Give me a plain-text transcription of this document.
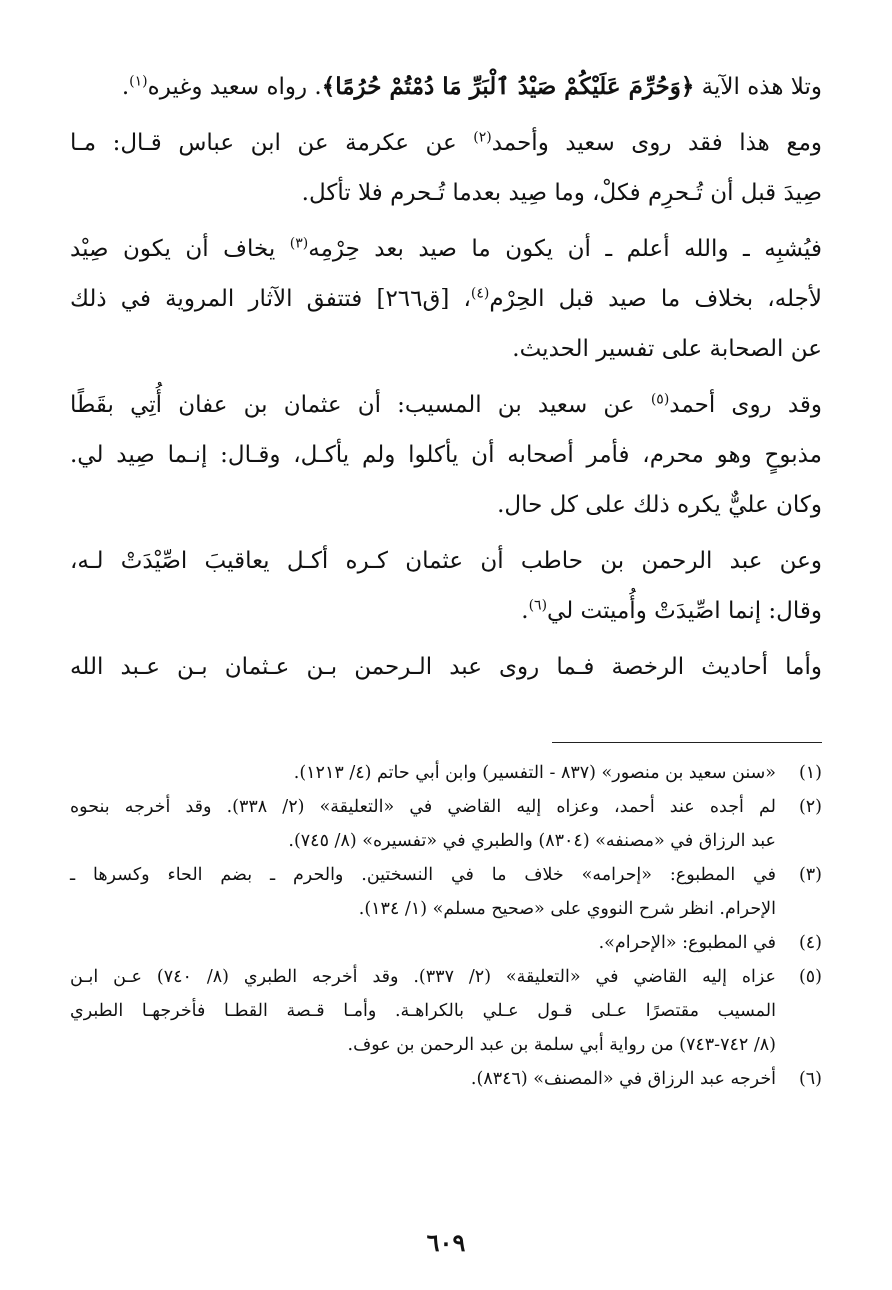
وتلا هذه الآية ﴿وَحُرِّمَ عَلَيْكُمْ صَيْدُ ٱلْبَرِّ مَا دُمْتُمْ حُرُمًا﴾. رواه سعيد وغيره$^{(١)}$.

ومع هذا فقد روى سعيد وأحمد$^{(٢)}$ عن عكرمة عن ابن عباس قـال: مـا
صِيدَ قبل أن تُـحرِم فكلْ، وما صِيد بعدما تُـحرم فلا تأكل.

فيُشبِه ـ والله أعلم ـ أن يكون ما صيد بعد حِرْمِه$^{(٣)}$ يخاف أن يكون صِيْد
لأجله، بخلاف ما صيد قبل الحِرْم$^{(٤)}$، [ق٢٦٦] فتتفق الآثار المروية في ذلك
عن الصحابة على تفسير الحديث.

وقد روى أحمد$^{(٥)}$ عن سعيد بن المسيب: أن عثمان بن عفان أُتِي بقَطًا
مذبوحٍ وهو محرم، فأمر أصحابه أن يأكلوا ولم يأكـل، وقـال: إنـما صِيد لي.
وكان عليٌّ يكره ذلك على كل حال.

وعن عبد الرحمن بن حاطب أن عثمان كـره أكـل يعاقيبَ اصِّيْدَتْ لـه،
وقال: إنما اصِّيدَتْ وأُميتت لي$^{(٦)}$.

وأما أحاديث الرخصة فـما روى عبد الـرحمن بـن عـثمان بـن عـبد الله

(١)
«سنن سعيد بن منصور» (٨٣٧ - التفسير) وابن أبي حاتم (٤/ ١٢١٣).
(٢)
لم أجده عند أحمد، وعزاه إليه القاضي في «التعليقة» (٢/ ٣٣٨). وقد أخرجه بنحوه
عبد الرزاق في «مصنفه» (٨٣٠٤) والطبري في «تفسيره» (٨/ ٧٤٥).
(٣)
في المطبوع: «إحرامه» خلاف ما في النسختين. والحرم ـ بضم الحاء وكسرها ـ
الإحرام. انظر شرح النووي على «صحيح مسلم» (١/ ١٣٤).
(٤)
في المطبوع: «الإحرام».
(٥)
عزاه إليه القاضي في «التعليقة» (٢/ ٣٣٧). وقد أخرجه الطبري (٨/ ٧٤٠) عـن ابـن
المسيب مقتصرًا عـلى قـول عـلي بالكراهـة. وأمـا قـصة القطـا فأخرجهـا الطبري
(٨/ ٧٤٢-٧٤٣) من رواية أبي سلمة بن عبد الرحمن بن عوف.
(٦)
أخرجه عبد الرزاق في «المصنف» (٨٣٤٦).
٦٠٩
